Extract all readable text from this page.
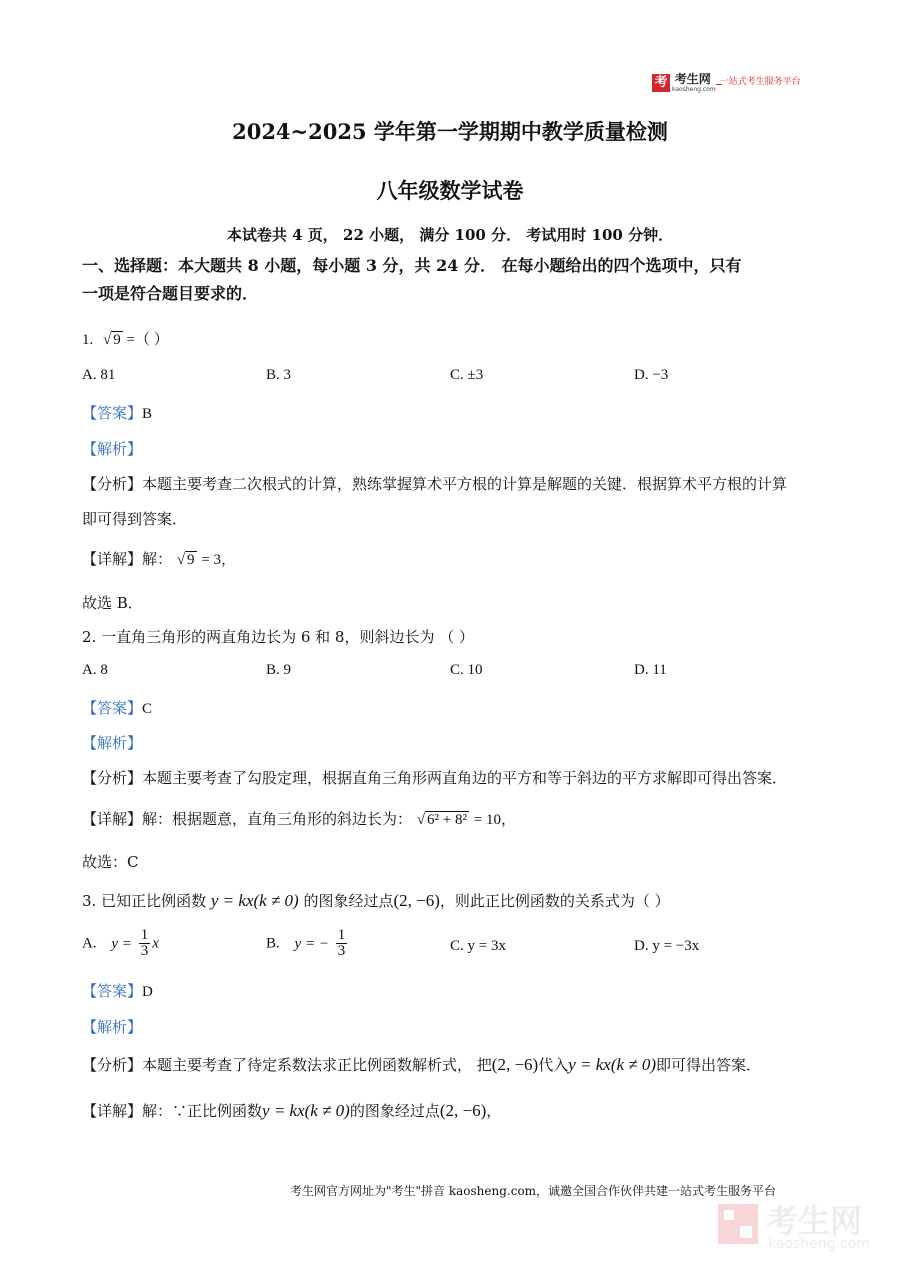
考 $^{考生网}$ $^{一站式考生服务平台}$
kaosheng.com
2024~2025 学年第一学期期中教学质量检测
八年级数学试卷
本试卷共 4 页， 22 小题， 满分 100 分． 考试用时 100 分钟．
一、选择题：本大题共 8 小题，每小题 3 分，共 24 分． 在每小题给出的四个选项中，只有
一项是符合题目要求的．
1. √ 9 =（ ）
A. 81	B. 3	C. ±3	D. −3
【答案】B
【解析】
【分析】本题主要考查二次根式的计算，熟练掌握算术平方根的计算是解题的关键．根据算术平方根的计算
即可得到答案．
【详解】解： √ 9 = 3，
故选 B．
2. 一直角三角形的两直角边长为 6 和 8，则斜边长为 （ ）
A. 8	B. 9	C. 10	D. 11
【答案】C
【解析】
【分析】本题主要考查了勾股定理，根据直角三角形两直角边的平方和等于斜边的平方求解即可得出答案．
【详解】解：根据题意，直角三角形的斜边长为： √ 6² + 8² = 10，
故选：C
3. 已知正比例函数 y = kx(k ≠ 0) 的图象经过点(2, −6)，则此正比例函数的关系式为（ ）
A. $y = \frac{1}{3}$ x	B. y = − $\frac{1}{3}$	C. y = 3x	D. y = −3x
【答案】D
【解析】
【分析】本题主要考查了待定系数法求正比例函数解析式， 把(2, −6)代入y = kx(k ≠ 0)即可得出答案．
【详解】解：∵正比例函数y = kx(k ≠ 0)的图象经过点(2, −6)，
考生网官方网址为"考生"拼音 kaosheng.com，诚邀全国合作伙伴共建一站式考生服务平台
考生网
kaosheng.com
